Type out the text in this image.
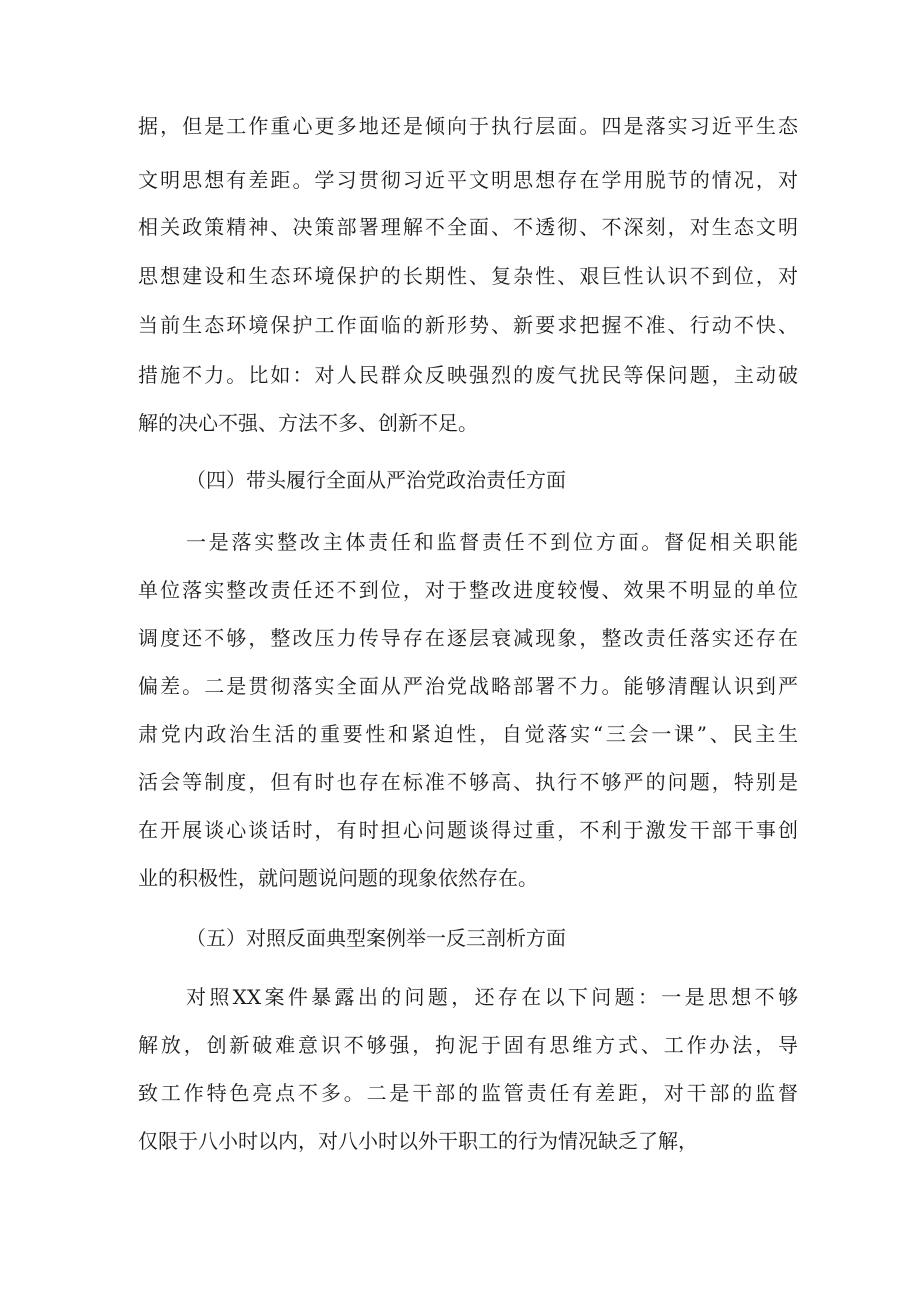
据，但是工作重心更多地还是倾向于执行层面。四是落实习近平生态
文明思想有差距。学习贯彻习近平文明思想存在学用脱节的情况，对
相关政策精神、决策部署理解不全面、不透彻、不深刻，对生态文明
思想建设和生态环境保护的长期性、复杂性、艰巨性认识不到位，对
当前生态环境保护工作面临的新形势、新要求把握不准、行动不快、
措施不力。比如：对人民群众反映强烈的废气扰民等保问题，主动破
解的决心不强、方法不多、创新不足。
（四）带头履行全面从严治党政治责任方面
一是落实整改主体责任和监督责任不到位方面。督促相关职能
单位落实整改责任还不到位，对于整改进度较慢、效果不明显的单位
调度还不够，整改压力传导存在逐层衰减现象，整改责任落实还存在
偏差。二是贯彻落实全面从严治党战略部署不力。能够清醒认识到严
肃党内政治生活的重要性和紧迫性，自觉落实“三会一课”、民主生
活会等制度，但有时也存在标准不够高、执行不够严的问题，特别是
在开展谈心谈话时，有时担心问题谈得过重，不利于激发干部干事创
业的积极性，就问题说问题的现象依然存在。
（五）对照反面典型案例举一反三剖析方面
对照XX案件暴露出的问题，还存在以下问题：一是思想不够
解放，创新破难意识不够强，拘泥于固有思维方式、工作办法，导
致工作特色亮点不多。二是干部的监管责任有差距，对干部的监督
仅限于八小时以内，对八小时以外干职工的行为情况缺乏了解，
